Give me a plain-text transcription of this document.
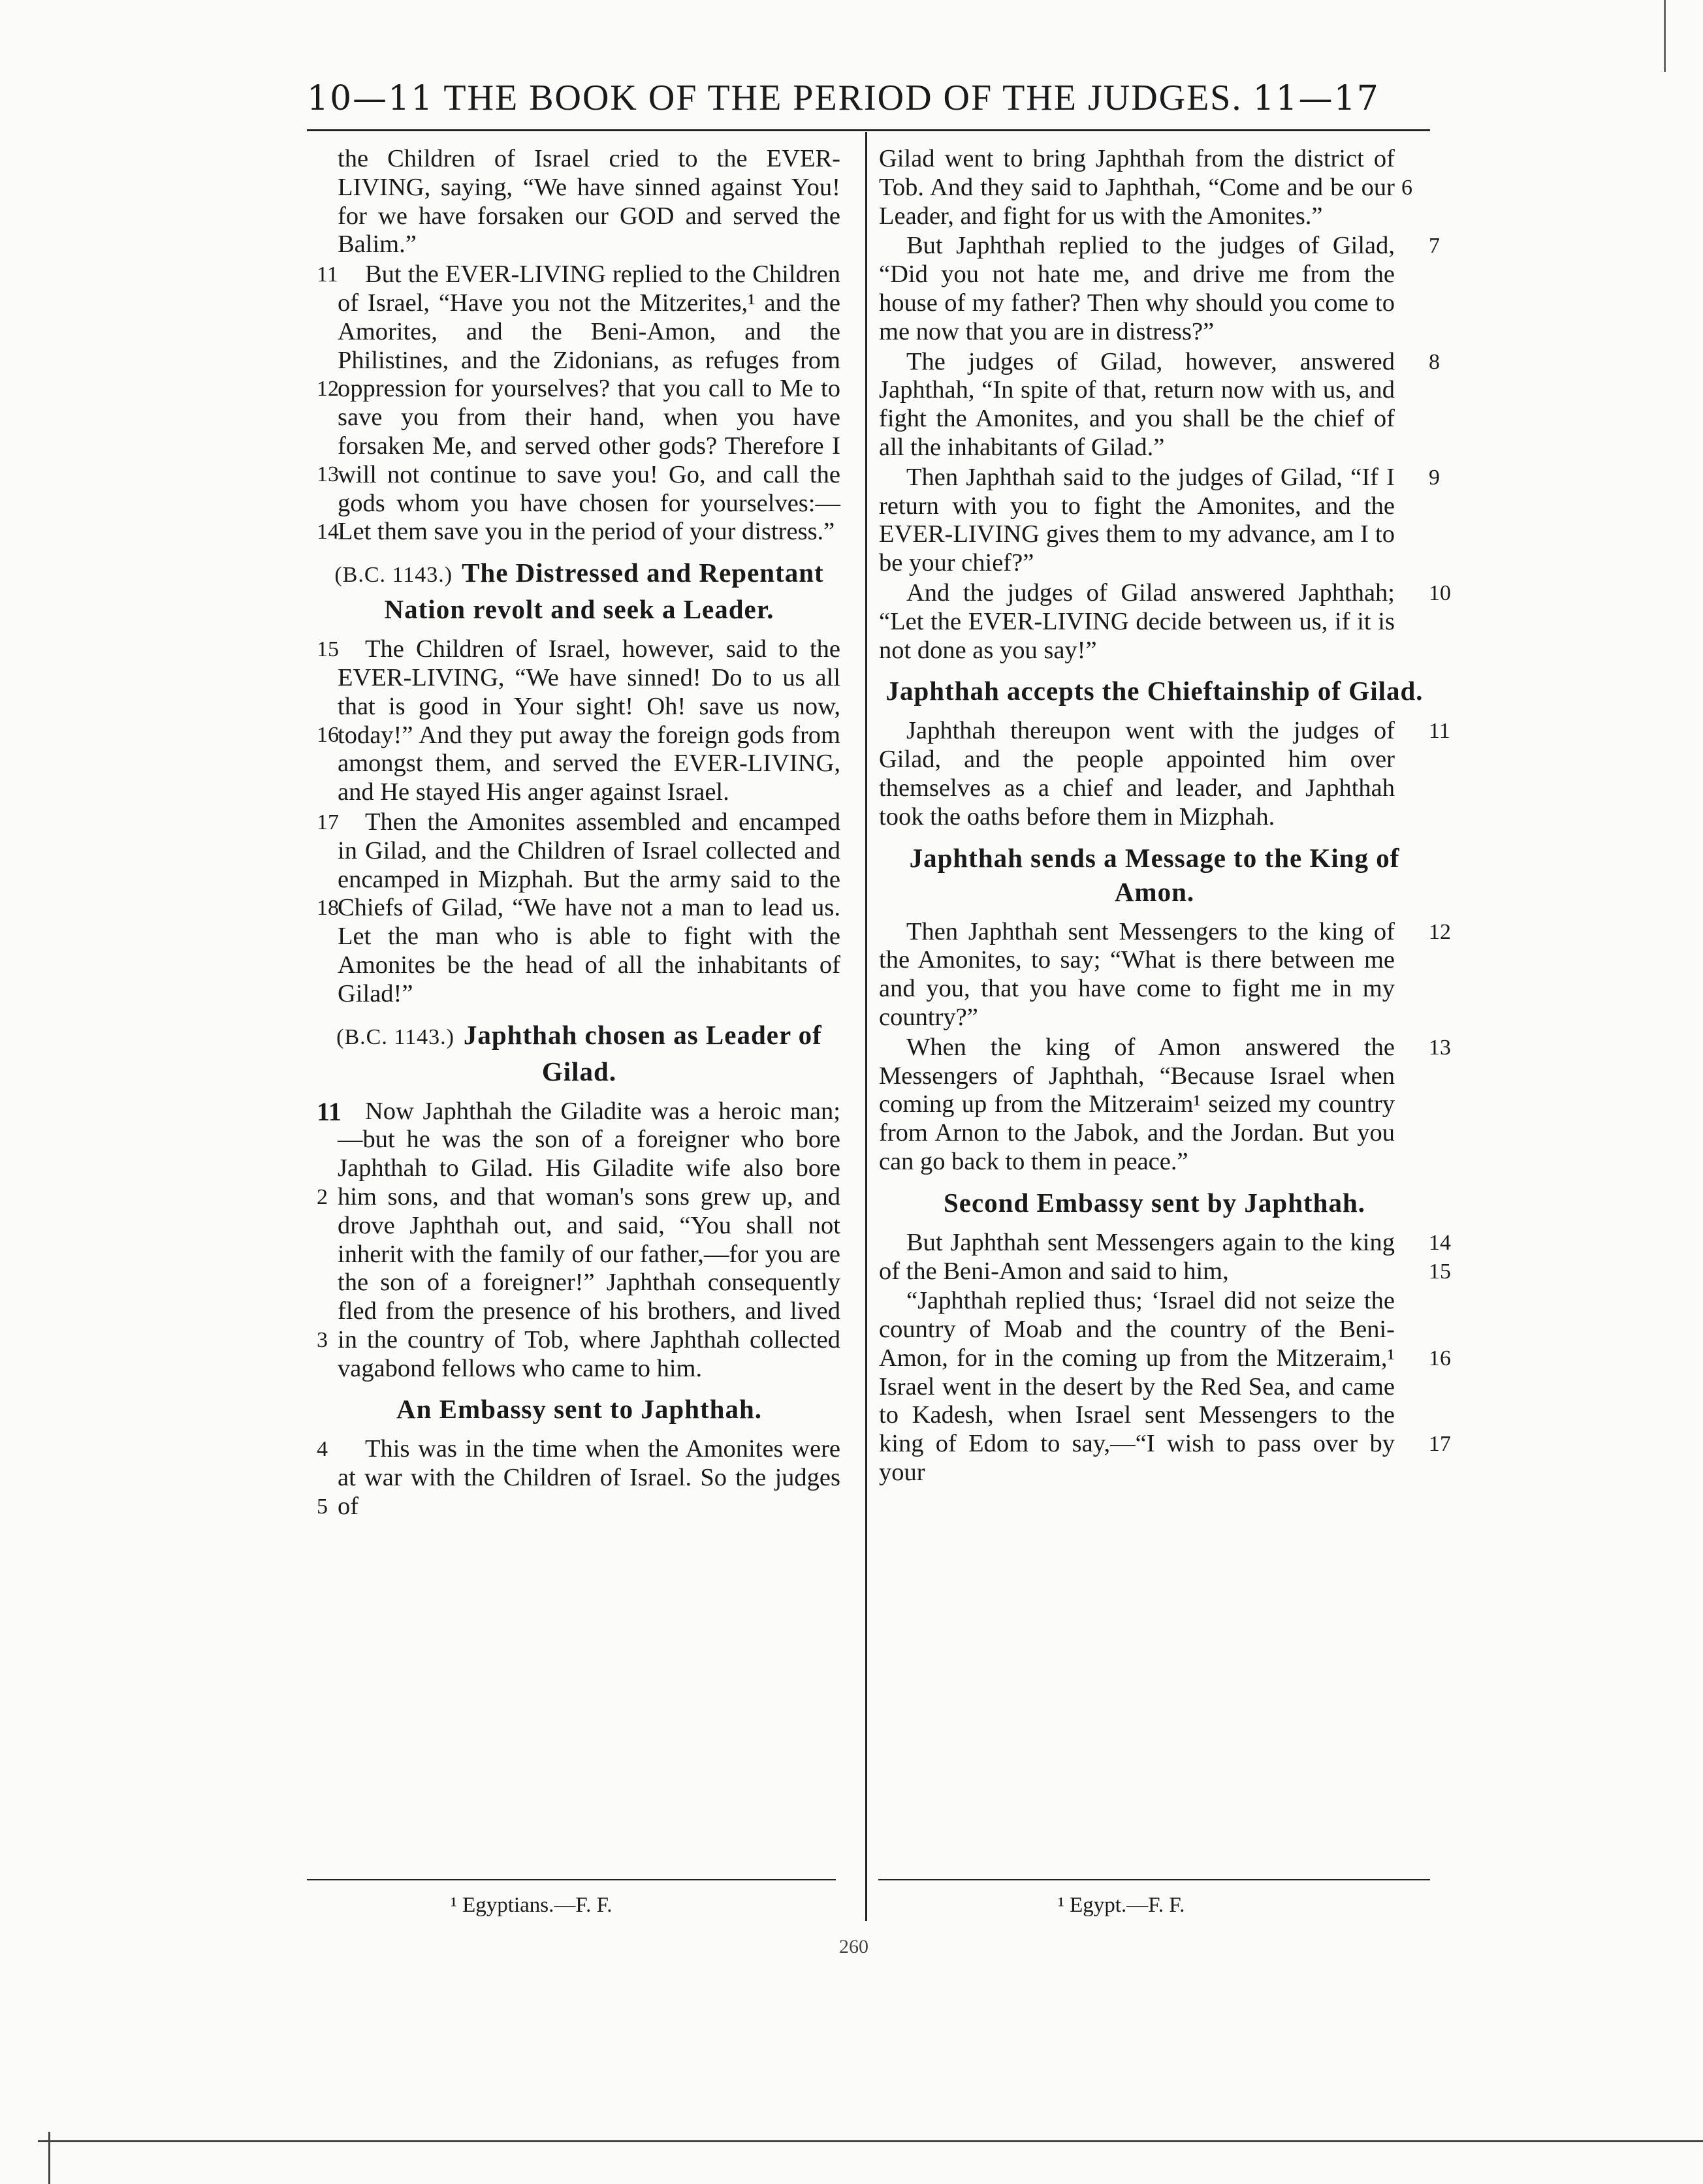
10—11 THE BOOK OF THE PERIOD OF THE JUDGES. 11—17

the Children of Israel cried to the EVER-LIVING, saying, “We have sinned against You! for we have forsaken our GOD and served the Balim.”

11
12
13
14
But the EVER-LIVING replied to the Children of Israel, “Have you not the Mitzerites,¹ and the Amorites, and the Beni-Amon, and the Philistines, and the Zidonians, as refuges from oppression for yourselves? that you call to Me to save you from their hand, when you have forsaken Me, and served other gods? Therefore I will not continue to save you! Go, and call the gods whom you have chosen for yourselves:—Let them save you in the period of your distress.”
(B.C. 1143.) The Distressed and Repentant Nation revolt and seek a Leader.
15
16
The Children of Israel, however, said to the EVER-LIVING, “We have sinned! Do to us all that is good in Your sight! Oh! save us now, today!” And they put away the foreign gods from amongst them, and served the EVER-LIVING, and He stayed His anger against Israel.
17
18
Then the Amonites assembled and encamped in Gilad, and the Children of Israel collected and encamped in Mizphah. But the army said to the Chiefs of Gilad, “We have not a man to lead us. Let the man who is able to fight with the Amonites be the head of all the inhabitants of Gilad!”
(B.C. 1143.) Japhthah chosen as Leader of Gilad.
11
2
3
Now Japhthah the Giladite was a heroic man;—but he was the son of a foreigner who bore Japhthah to Gilad. His Giladite wife also bore him sons, and that woman's sons grew up, and drove Japhthah out, and said, “You shall not inherit with the family of our father,—for you are the son of a foreigner!” Japhthah consequently fled from the presence of his brothers, and lived in the country of Tob, where Japhthah collected vagabond fellows who came to him.
An Embassy sent to Japhthah.
4
5
This was in the time when the Amonites were at war with the Children of Israel. So the judges of
6
Gilad went to bring Japhthah from the district of Tob. And they said to Japhthah, “Come and be our Leader, and fight for us with the Amonites.”
7
But Japhthah replied to the judges of Gilad, “Did you not hate me, and drive me from the house of my father? Then why should you come to me now that you are in distress?”
8
The judges of Gilad, however, answered Japhthah, “In spite of that, return now with us, and fight the Amonites, and you shall be the chief of all the inhabitants of Gilad.”
9
Then Japhthah said to the judges of Gilad, “If I return with you to fight the Amonites, and the EVER-LIVING gives them to my advance, am I to be your chief?”
10
And the judges of Gilad answered Japhthah; “Let the EVER-LIVING decide between us, if it is not done as you say!”
Japhthah accepts the Chieftainship of Gilad.
11
Japhthah thereupon went with the judges of Gilad, and the people appointed him over themselves as a chief and leader, and Japhthah took the oaths before them in Mizphah.
Japhthah sends a Message to the King of Amon.
12
Then Japhthah sent Messengers to the king of the Amonites, to say; “What is there between me and you, that you have come to fight me in my country?”
13
When the king of Amon answered the Messengers of Japhthah, “Because Israel when coming up from the Mitzeraim¹ seized my country from Arnon to the Jabok, and the Jordan. But you can go back to them in peace.”
Second Embassy sent by Japhthah.
14
15
But Japhthah sent Messengers again to the king of the Beni-Amon and said to him,
16
17
“Japhthah replied thus; ‘Israel did not seize the country of Moab and the country of the Beni-Amon, for in the coming up from the Mitzeraim,¹ Israel went in the desert by the Red Sea, and came to Kadesh, when Israel sent Messengers to the king of Edom to say,—“I wish to pass over by your
¹ Egyptians.—F. F.	¹ Egypt.—F. F.
260
